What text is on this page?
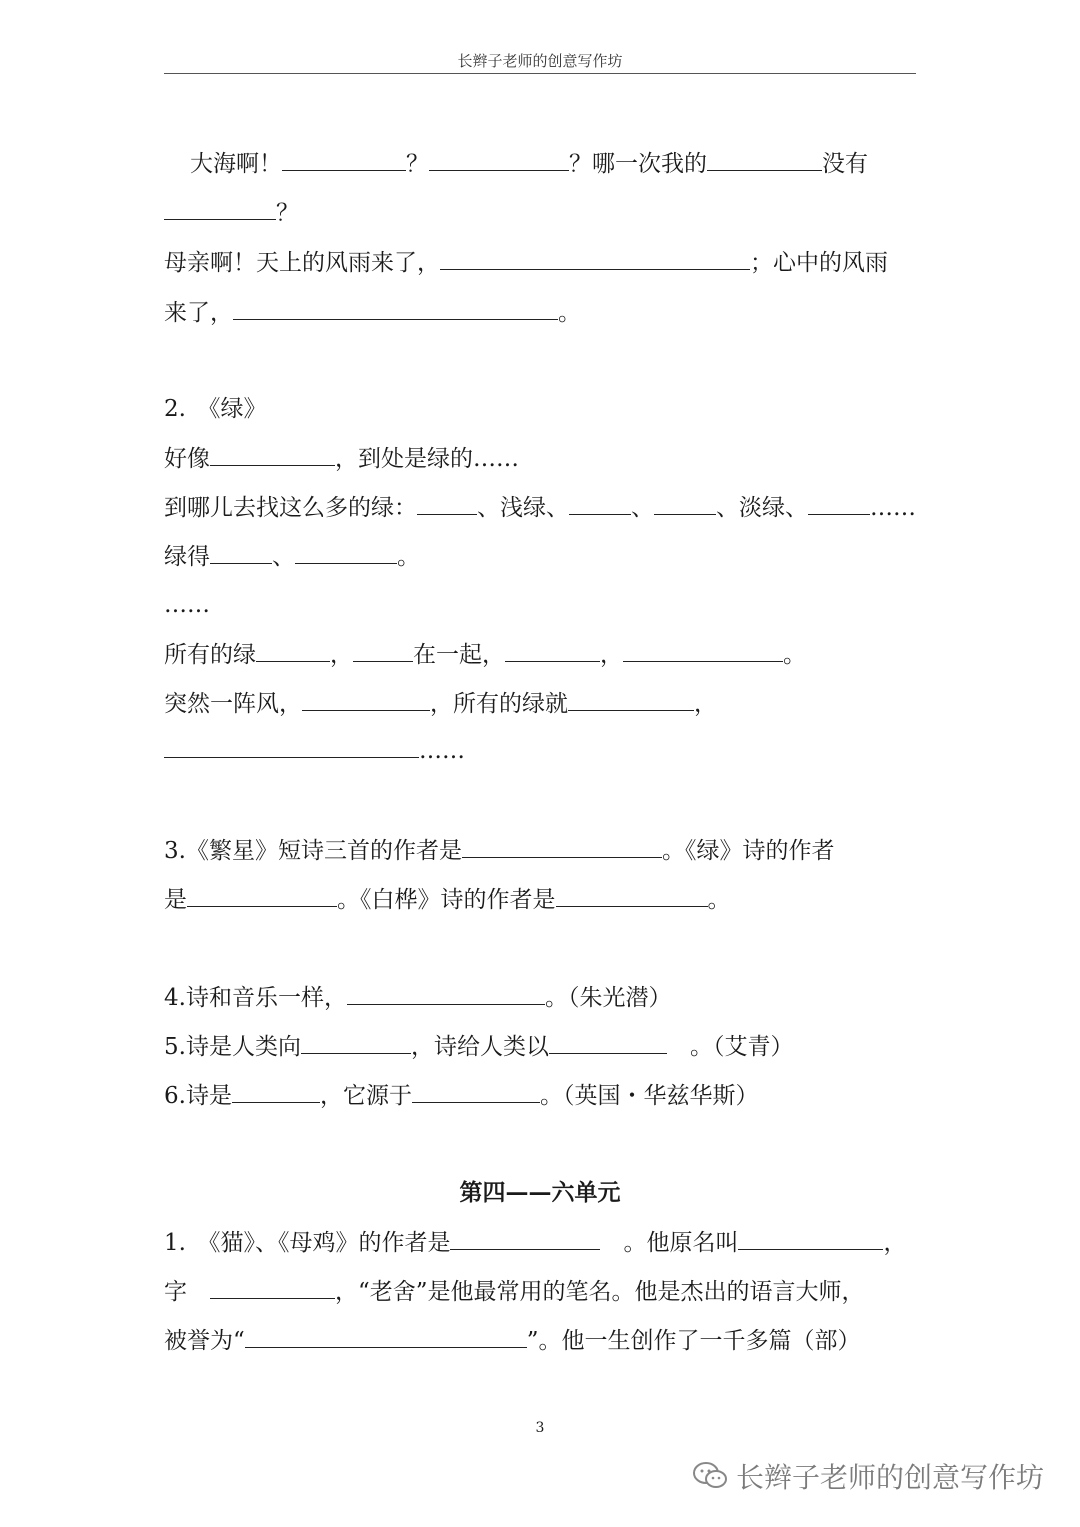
长辫子老师的创意写作坊
大海啊！	？	？哪一次我的	没有
？
母亲啊！天上的风雨来了，	；心中的风雨
来了，	。
2.　《绿》
好像	，到处是绿的……
到哪儿去找这么多的绿：	、浅绿、	、	、淡绿、	……
绿得	、	。
……
所有的绿	，	在一起，	，	。
突然一阵风，	，所有的绿就	，
……
3.《繁星》短诗三首的作者是	。《绿》诗的作者
是	。《白桦》诗的作者是	。
4.诗和音乐一样，	。（朱光潜）
5.诗是人类向	，诗给人类以	　。（艾青）
6.诗是	，它源于	。（英国・华兹华斯）
1.　《猫》、《母鸡》的作者是	　。他原名叫	，
字　	，“老舍”是他最常用的笔名。他是杰出的语言大师，
被誉为“	”。他一生创作了一千多篇（部）
第四——六单元
3
长辫子老师的创意写作坊
